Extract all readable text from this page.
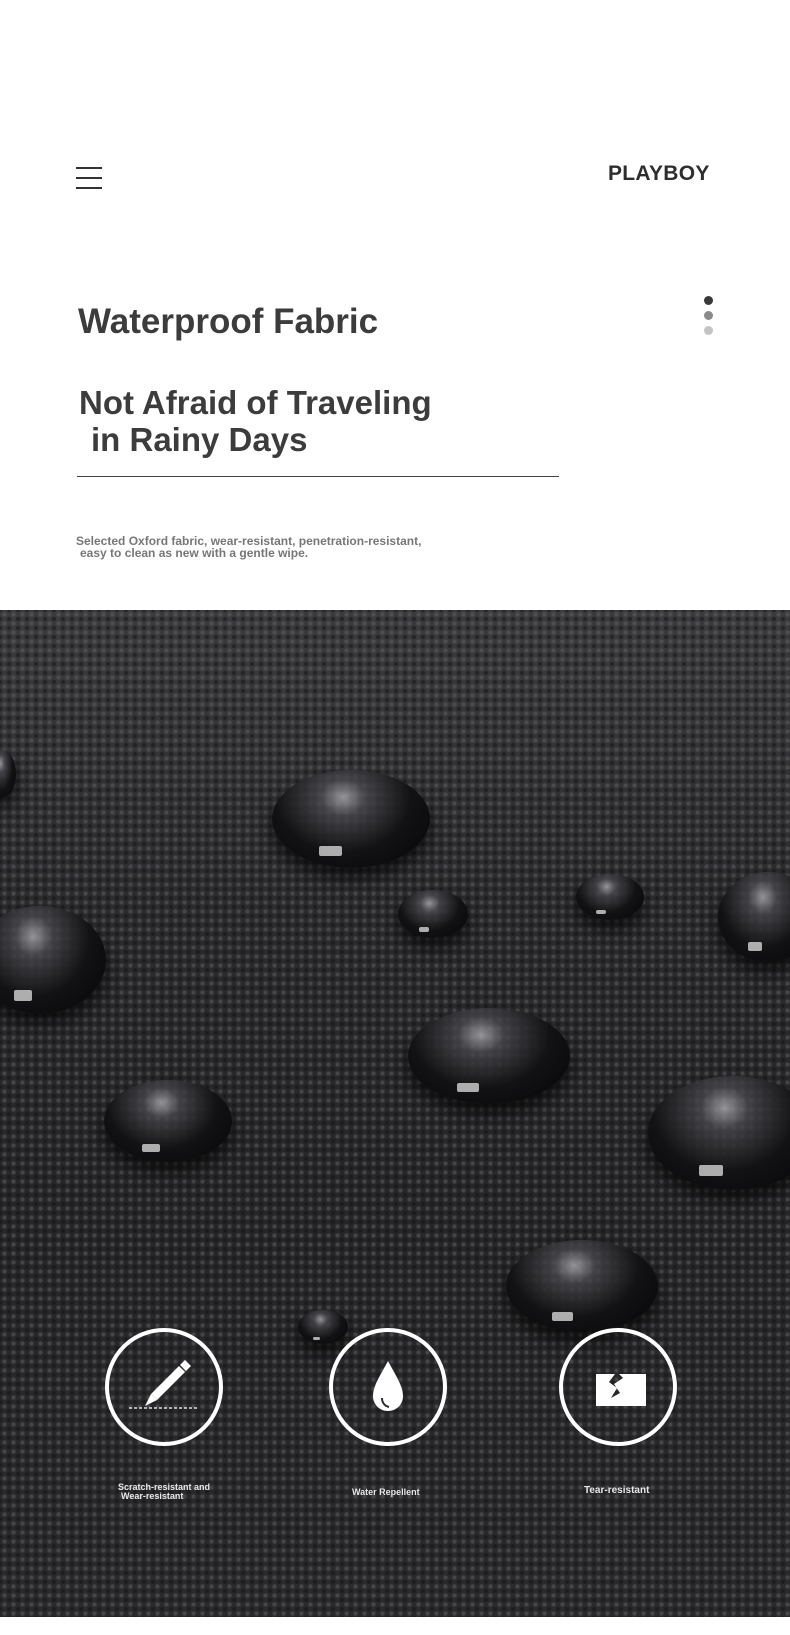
PLAYBOY
Waterproof Fabric
Not Afraid of Traveling
in Rainy Days
Selected Oxford fabric, wear-resistant, penetration-resistant,
easy to clean as new with a gentle wipe.
Scratch-resistant and
Wear-resistant	Water Repellent	Tear-resistant
